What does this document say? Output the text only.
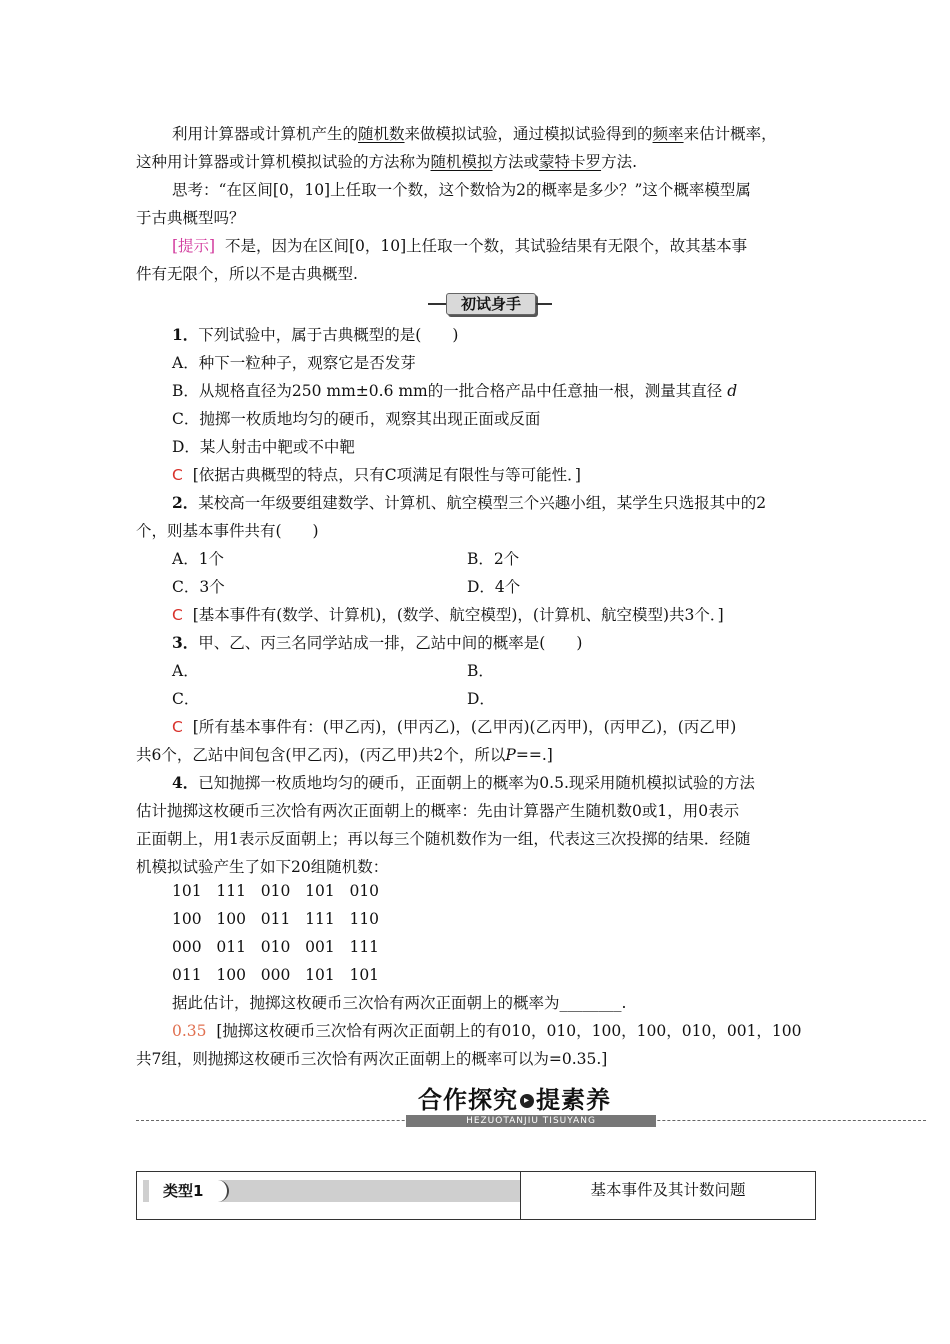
利用计算器或计算机产生的随机数来做模拟试验，通过模拟试验得到的频率来估计概率，
这种用计算器或计算机模拟试验的方法称为随机模拟方法或蒙特卡罗方法.
思考：“在区间[0，10]上任取一个数，这个数恰为2的概率是多少？”这个概率模型属
于古典概型吗？
[提示] 不是，因为在区间[0，10]上任取一个数，其试验结果有无限个，故其基本事
件有无限个，所以不是古典概型.
初试身手
1．下列试验中，属于古典概型的是(　　)
A．种下一粒种子，观察它是否发芽
B．从规格直径为250 mm±0.6 mm的一批合格产品中任意抽一根，测量其直径 d
C．抛掷一枚质地均匀的硬币，观察其出现正面或反面
D．某人射击中靶或不中靶
C [依据古典概型的特点，只有C项满足有限性与等可能性．]
2．某校高一年级要组建数学、计算机、航空模型三个兴趣小组，某学生只选报其中的2
个，则基本事件共有(　　)
A．1个	B．2个
C．3个	D．4个
C [基本事件有(数学、计算机)，(数学、航空模型)，(计算机、航空模型)共3个．]
3．甲、乙、丙三名同学站成一排，乙站中间的概率是(　　)
A．	B．
C．	D．
C [所有基本事件有：(甲乙丙)，(甲丙乙)，(乙甲丙)(乙丙甲)，(丙甲乙)，(丙乙甲)
共6个，乙站中间包含(甲乙丙)，(丙乙甲)共2个，所以P==.]
4．已知抛掷一枚质地均匀的硬币，正面朝上的概率为0.5.现采用随机模拟试验的方法
估计抛掷这枚硬币三次恰有两次正面朝上的概率：先由计算器产生随机数0或1，用0表示
正面朝上，用1表示反面朝上；再以每三个随机数作为一组，代表这三次投掷的结果．经随
机模拟试验产生了如下20组随机数：
101   111   010   101   010
100   100   011   111   110
000   011   010   001   111
011   100   000   101   101
据此估计，抛掷这枚硬币三次恰有两次正面朝上的概率为________.
0.35 [抛掷这枚硬币三次恰有两次正面朝上的有010，010，100，100，010，001，100
共7组，则抛掷这枚硬币三次恰有两次正面朝上的概率可以为=0.35.]
合作探究 ▸ 提素养
HEZUOTANJIU TISUYANG
类型1	基本事件及其计数问题
